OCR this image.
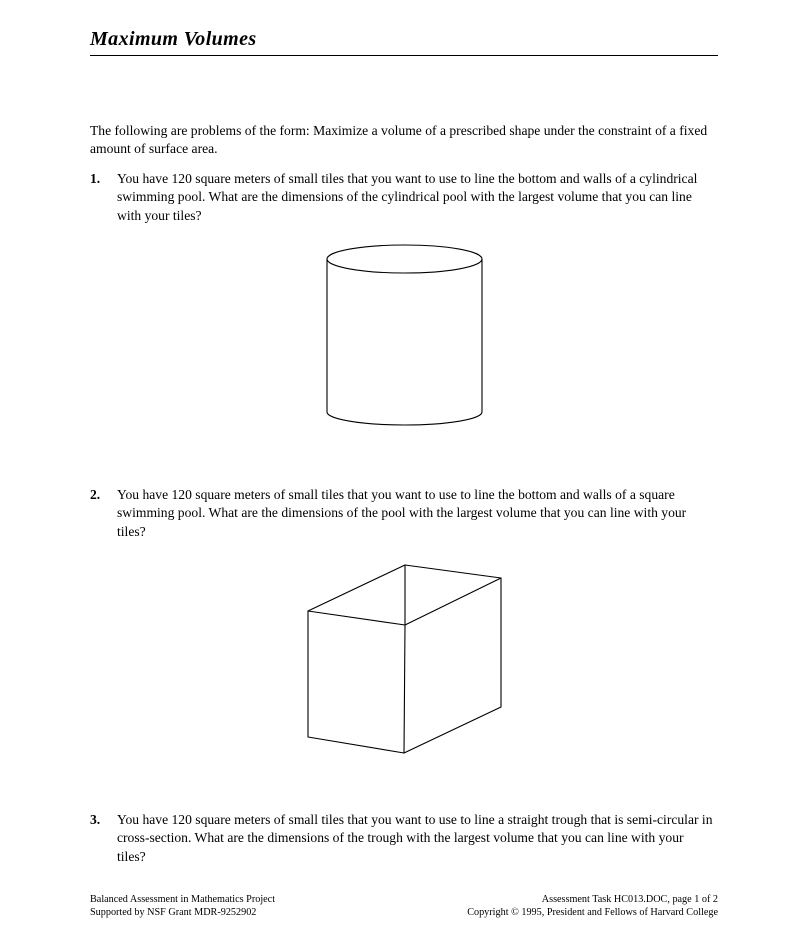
Maximum Volumes

The following are problems of the form: Maximize a volume of a prescribed shape under the constraint of a fixed amount of surface area.

1.	You have 120 square meters of small tiles that you want to use to line the bottom and walls of a cylindrical swimming pool. What are the dimensions of the cylindrical pool with the largest volume that you can line with your tiles?
2.	You have 120 square meters of small tiles that you want to use to line the bottom and walls of a square swimming pool. What are the dimensions of the pool with the largest volume that you can line with your tiles?
3.	You have 120 square meters of small tiles that you want to use to line a straight trough that is semi-circular in cross-section. What are the dimensions of the trough with the largest volume that you can line with your tiles?
Balanced Assessment in Mathematics Project	Assessment Task HC013.DOC, page 1 of 2
Supported by NSF Grant MDR-9252902	Copyright © 1995, President and Fellows of Harvard College
